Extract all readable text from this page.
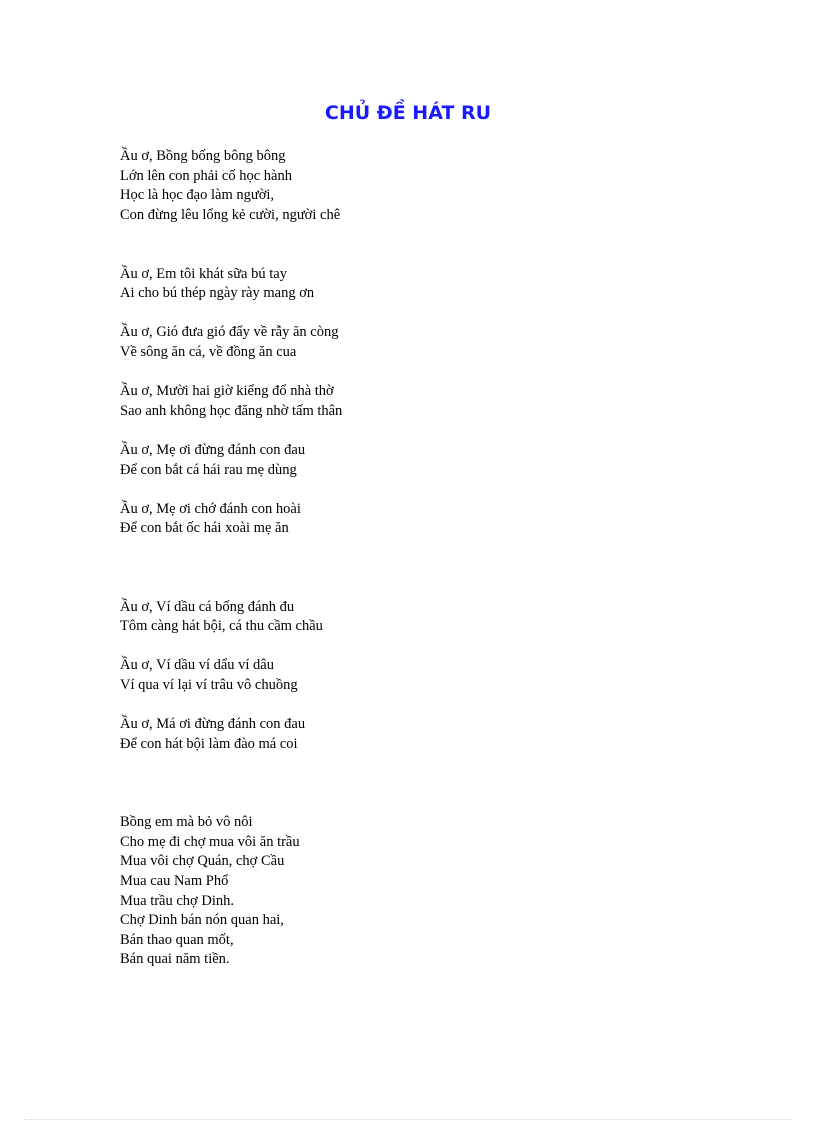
CHỦ ĐỀ HÁT RU

Ầu ơ, Bồng bống bông bông
Lớn lên con phải cố học hành
Học là học đạo làm người,
Con đừng lêu lổng kẻ cười, người chê

Ầu ơ, Em tôi khát sữa bú tay
Ai cho bú thép ngày rày mang ơn

Ầu ơ, Gió đưa gió đẩy về rẫy ăn còng
Về sông ăn cá, về đồng ăn cua

Ầu ơ, Mười hai giờ kiểng đổ nhà thờ
Sao anh không học đăng nhờ tấm thân

Ầu ơ, Mẹ ơi đừng đánh con đau
Để con bắt cá hái rau mẹ dùng

Ầu ơ, Mẹ ơi chớ đánh con hoài
Để con bắt ốc hái xoài mẹ ăn

Ầu ơ, Ví dầu cá bống đánh đu
Tôm càng hát bội, cá thu cầm chầu

Ầu ơ, Ví dầu ví dẩu ví dâu
Ví qua ví lại ví trâu vô chuồng

Ầu ơ, Má ơi đừng đánh con đau
Để con hát bội làm đào má coi

Bồng em mà bỏ vô nôi
Cho mẹ đi chợ mua vôi ăn trầu
Mua vôi chợ Quán, chợ Cầu
Mua cau Nam Phổ
Mua trầu chợ Dinh.
Chợ Dinh bán nón quan hai,
Bán thao quan mốt,
Bán quai năm tiền.
